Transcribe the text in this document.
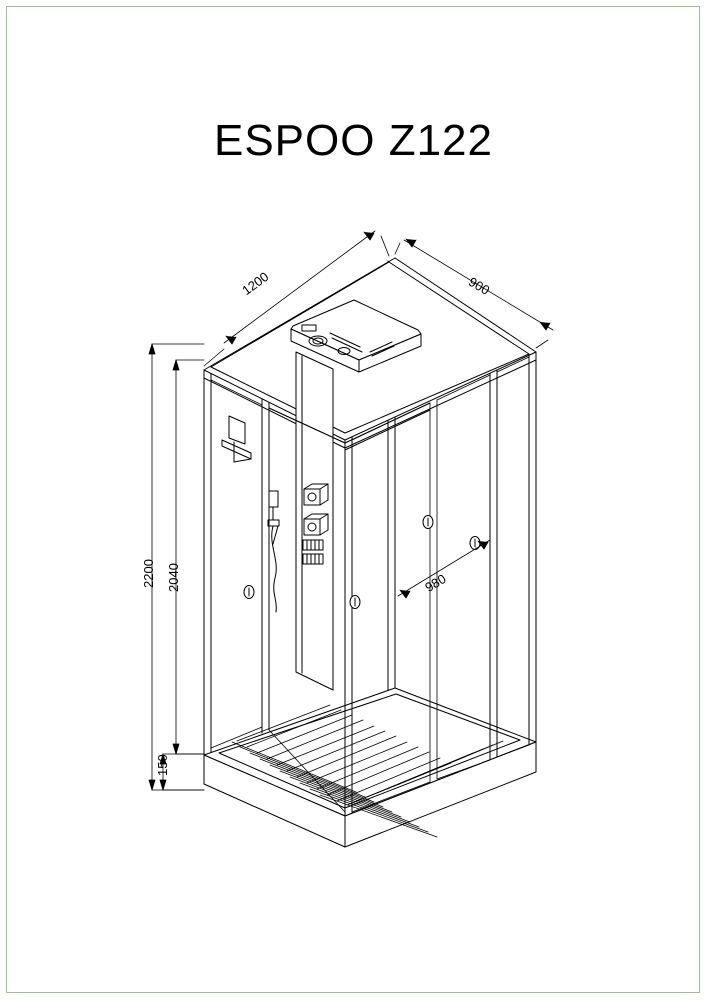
ESPOO Z122
1200	900
2200 2040
150
980
